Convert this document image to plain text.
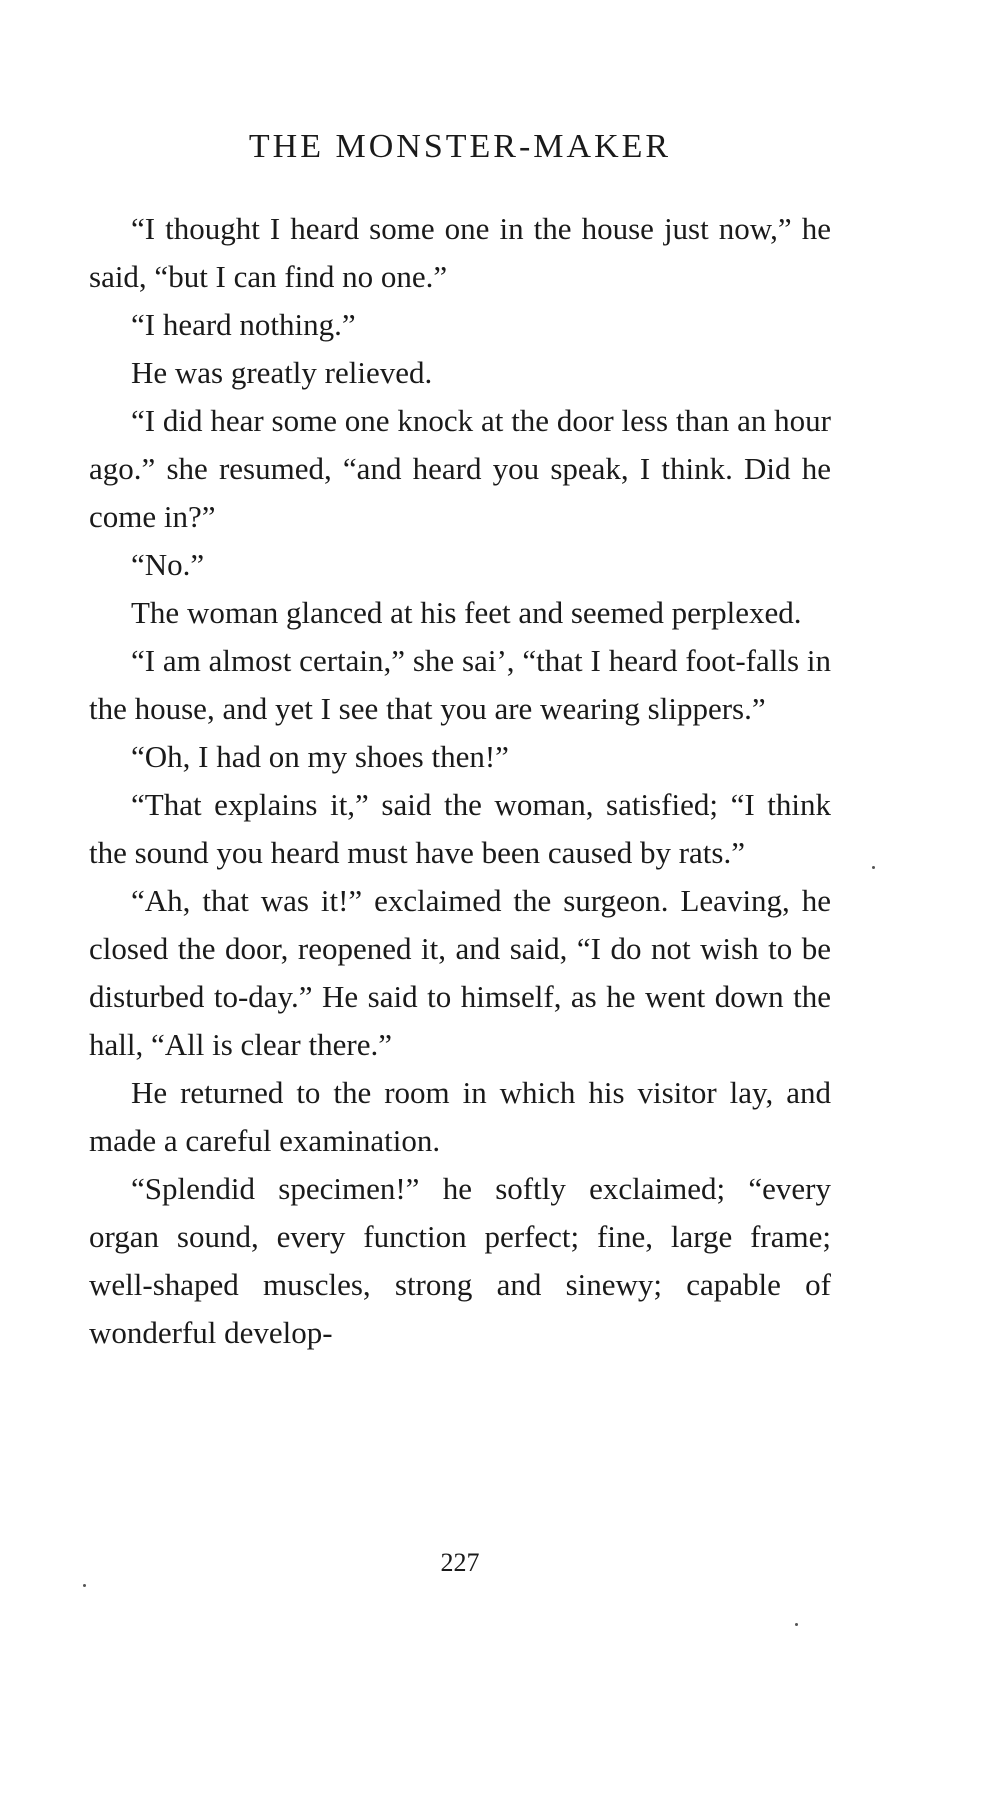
THE MONSTER-MAKER

“I thought I heard some one in the house just now,” he said, “but I can find no one.”

“I heard nothing.”

He was greatly relieved.

“I did hear some one knock at the door less than an hour ago.” she resumed, “and heard you speak, I think. Did he come in?”

“No.”

The woman glanced at his feet and seemed perplexed.

“I am almost certain,” she sai’, “that I heard foot-falls in the house, and yet I see that you are wearing slippers.”

“Oh, I had on my shoes then!”

“That explains it,” said the woman, satisfied; “I think the sound you heard must have been caused by rats.”

“Ah, that was it!” exclaimed the surgeon. Leaving, he closed the door, reopened it, and said, “I do not wish to be disturbed to-day.” He said to himself, as he went down the hall, “All is clear there.”

He returned to the room in which his visitor lay, and made a careful examination.

“Splendid specimen!” he softly exclaimed; “every organ sound, every function perfect; fine, large frame; well-shaped muscles, strong and sinewy; capable of wonderful develop-

227
